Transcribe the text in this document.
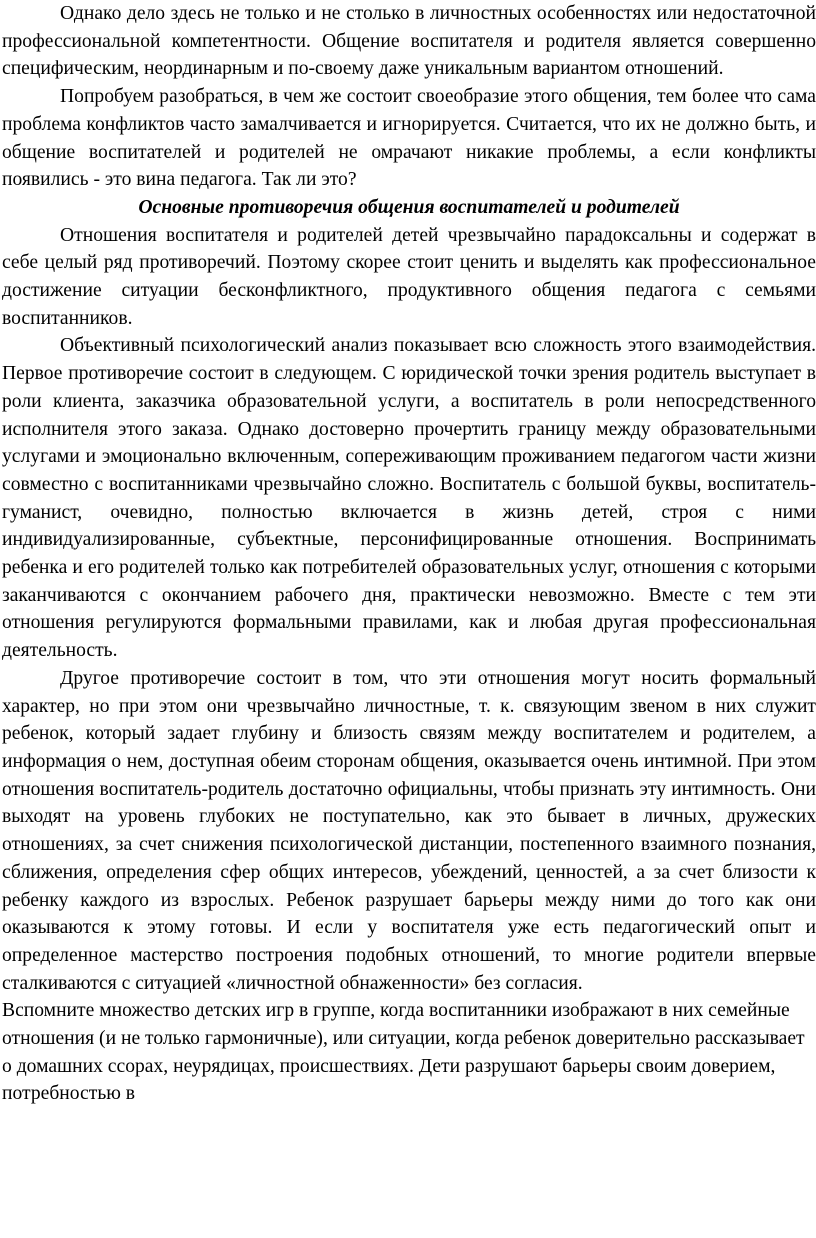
Однако дело здесь не только и не столько в личностных особенностях или недостаточной профессиональной компетентности. Общение воспитателя и родителя является совершенно специфическим, неординарным и по-своему даже уникальным вариантом отношений.

Попробуем разобраться, в чем же состоит своеобразие этого общения, тем более что сама проблема конфликтов часто замалчивается и игнорируется. Считается, что их не должно быть, и общение воспитателей и родителей не омрачают никакие проблемы, а если конфликты появились - это вина педагога. Так ли это?

Основные противоречия общения воспитателей и родителей

Отношения воспитателя и родителей детей чрезвычайно парадоксальны и содержат в себе целый ряд противоречий. Поэтому скорее стоит ценить и выделять как профессиональное достижение ситуации бесконфликтного, продуктивного общения педагога с семьями воспитанников.

Объективный психологический анализ показывает всю сложность этого взаимодействия. Первое противоречие состоит в следующем. С юридической точки зрения родитель выступает в роли клиента, заказчика образовательной услуги, а воспитатель в роли непосредственного исполнителя этого заказа. Однако достоверно прочертить границу между образовательными услугами и эмоционально включенным, сопереживающим проживанием педагогом части жизни совместно с воспитанниками чрезвычайно сложно. Воспитатель с большой буквы, воспитатель-гуманист, очевидно, полностью включается в жизнь детей, строя с ними индивидуализированные, субъектные, персонифицированные отношения. Воспринимать ребенка и его родителей только как потребителей образовательных услуг, отношения с которыми заканчиваются с окончанием рабочего дня, практически невозможно. Вместе с тем эти отношения регулируются формальными правилами, как и любая другая профессиональная деятельность.

Другое противоречие состоит в том, что эти отношения могут носить формальный характер, но при этом они чрезвычайно личностные, т. к. связующим звеном в них служит ребенок, который задает глубину и близость связям между воспитателем и родителем, а информация о нем, доступная обеим сторонам общения, оказывается очень интимной. При этом отношения воспитатель-родитель достаточно официальны, чтобы признать эту интимность. Они выходят на уровень глубоких не поступательно, как это бывает в личных, дружеских отношениях, за счет снижения психологической дистанции, постепенного взаимного познания, сближения, определения сфер общих интересов, убеждений, ценностей, а за счет близости к ребенку каждого из взрослых. Ребенок разрушает барьеры между ними до того как они оказываются к этому готовы. И если у воспитателя уже есть педагогический опыт и определенное мастерство построения подобных отношений, то многие родители впервые сталкиваются с ситуацией «личностной обнаженности» без согласия.

Вспомните множество детских игр в группе, когда воспитанники изображают в них семейные отношения (и не только гармоничные), или ситуации, когда ребенок доверительно рассказывает о домашних ссорах, неурядицах, происшествиях. Дети разрушают барьеры своим доверием, потребностью в
